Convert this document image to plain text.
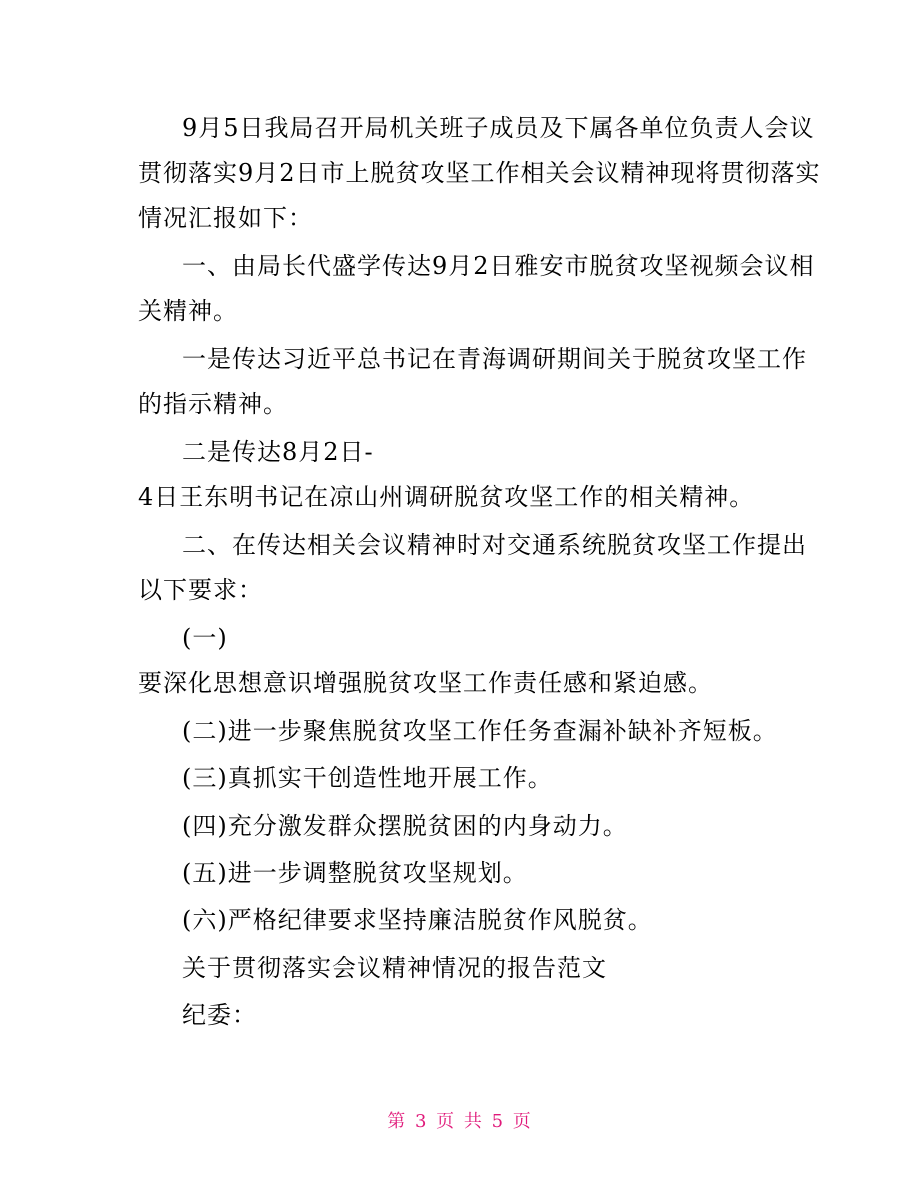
9月5日我局召开局机关班子成员及下属各单位负责人会议
贯彻落实9月2日市上脱贫攻坚工作相关会议精神现将贯彻落实
情况汇报如下：
一、由局长代盛学传达9月2日雅安市脱贫攻坚视频会议相
关精神。
一是传达习近平总书记在青海调研期间关于脱贫攻坚工作
的指示精神。
二是传达8月2日-
4日王东明书记在凉山州调研脱贫攻坚工作的相关精神。
二、在传达相关会议精神时对交通系统脱贫攻坚工作提出
以下要求：
(一)
要深化思想意识增强脱贫攻坚工作责任感和紧迫感。
(二)进一步聚焦脱贫攻坚工作任务查漏补缺补齐短板。
(三)真抓实干创造性地开展工作。
(四)充分激发群众摆脱贫困的内身动力。
(五)进一步调整脱贫攻坚规划。
(六)严格纪律要求坚持廉洁脱贫作风脱贫。
关于贯彻落实会议精神情况的报告范文
纪委：
第 3 页 共 5 页
